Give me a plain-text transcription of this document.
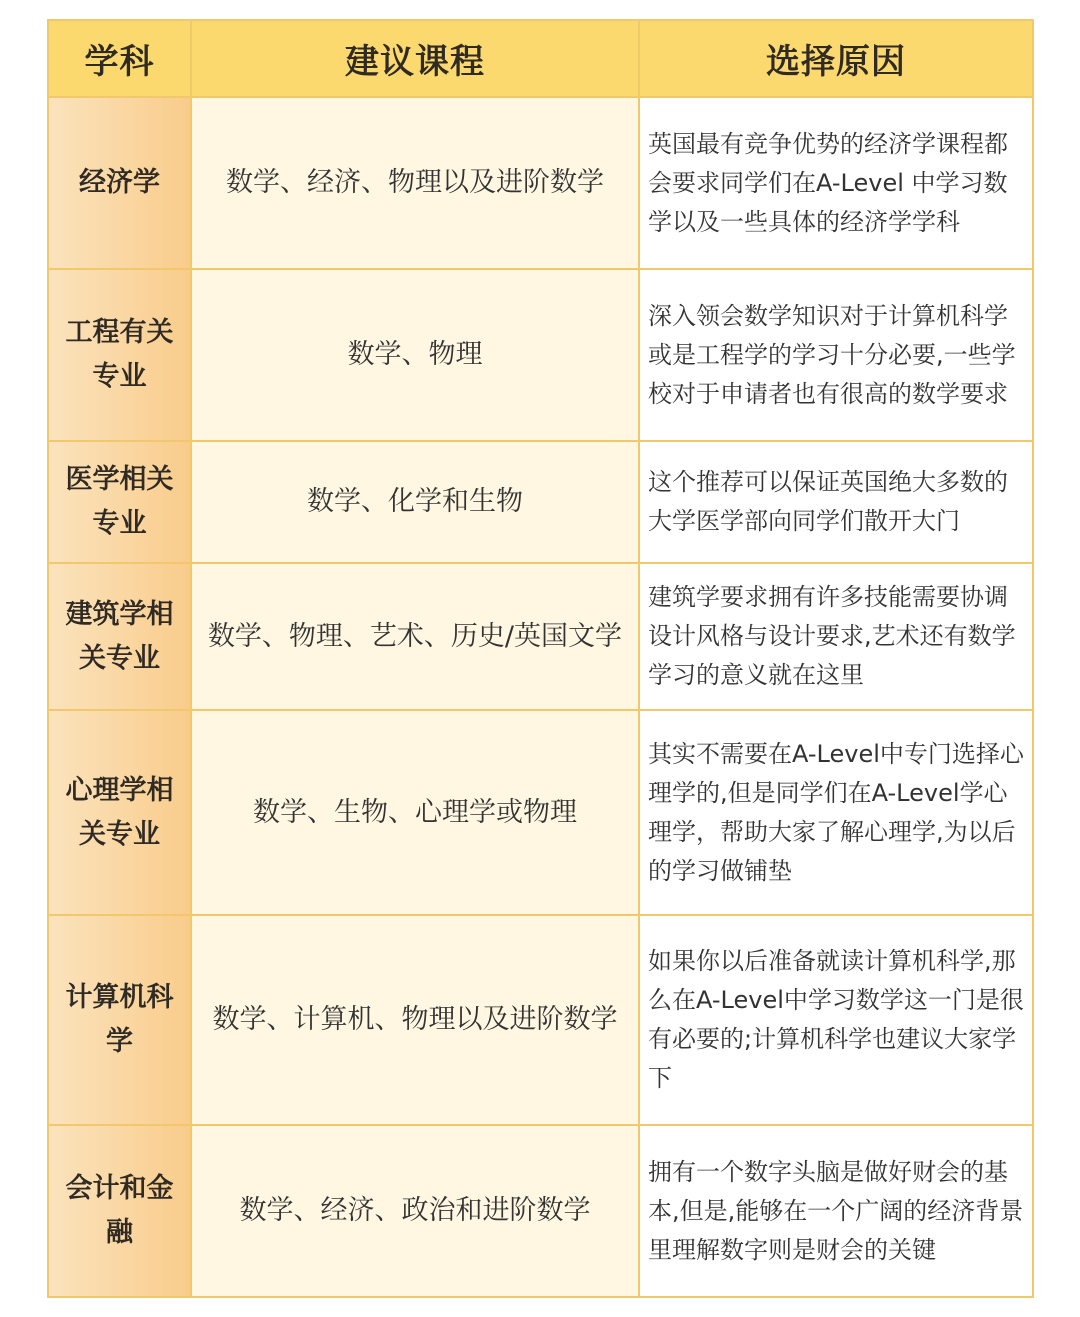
学科	建议课程	选择原因
经济学	数学、经济、物理以及进阶数学	英国最有竞争优势的经济学课程都会要求同学们在A-Level 中学习数学以及一些具体的经济学学科
工程有关专业	数学、物理	深入领会数学知识对于计算机科学或是工程学的学习十分必要,一些学校对于申请者也有很高的数学要求
医学相关专业	数学、化学和生物	这个推荐可以保证英国绝大多数的大学医学部向同学们散开大门
建筑学相关专业	数学、物理、艺术、历史/英国文学	建筑学要求拥有许多技能需要协调设计风格与设计要求,艺术还有数学学习的意义就在这里
心理学相关专业	数学、生物、心理学或物理	其实不需要在A-Level中专门选择心理学的,但是同学们在A-Level学心理学，帮助大家了解心理学,为以后的学习做铺垫
计算机科学	数学、计算机、物理以及进阶数学	如果你以后准备就读计算机科学,那么在A-Level中学习数学这一门是很有必要的;计算机科学也建议大家学下
会计和金融	数学、经济、政治和进阶数学	拥有一个数字头脑是做好财会的基本,但是,能够在一个广阔的经济背景里理解数字则是财会的关键
